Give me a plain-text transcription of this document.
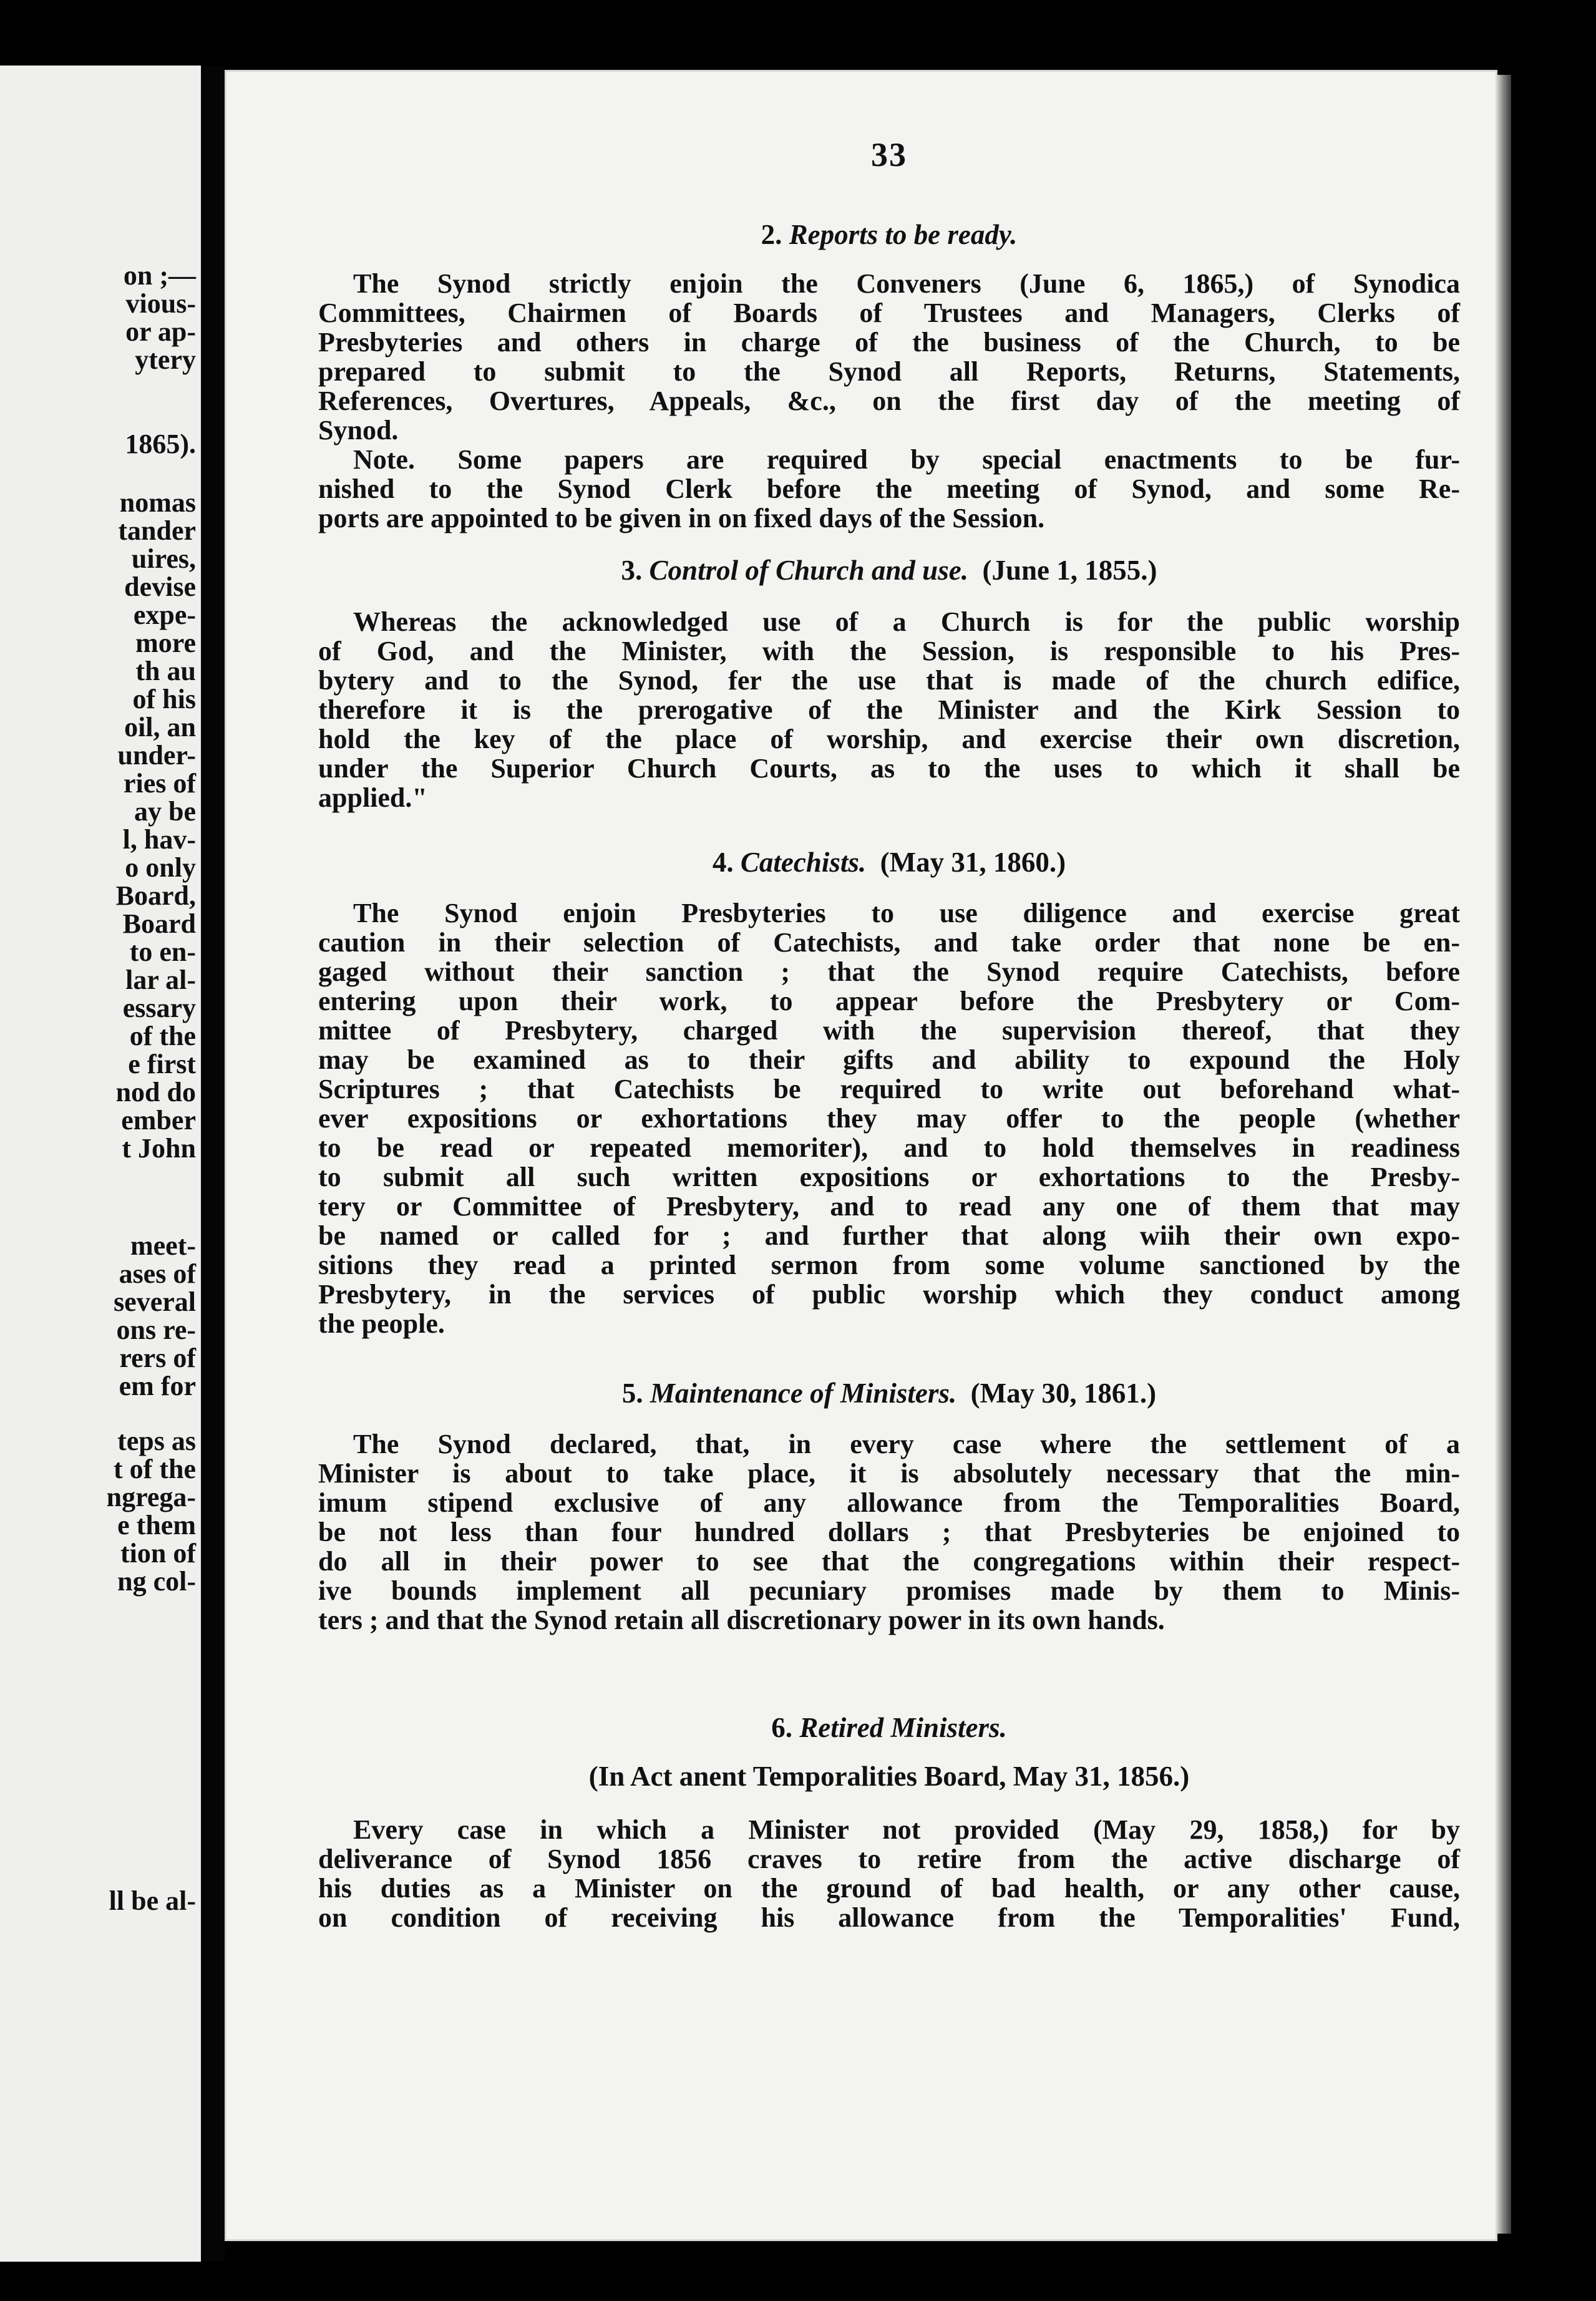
on ;—
vious-
or ap-
ytery
1865).
nomas
tander
uires,
devise
expe-
more
th au
of his
oil, an
under-
ries of
ay be
l, hav-
o only
Board,
Board
to en-
lar al-
essary
of the
e first
nod do
ember
t John
meet-
ases of
several
ons re-
rers of
em for
teps as
t of the
ngrega-
e them
tion of
ng col-
ll be al-
33
2. Reports to be ready.
The Synod strictly enjoin the Conveners (June 6, 1865,) of Synodica
Committees, Chairmen of Boards of Trustees and Managers, Clerks of
Presbyteries and others in charge of the business of the Church, to be
prepared to submit to the Synod all Reports, Returns, Statements,
References, Overtures, Appeals, &c., on the first day of the meeting of
Synod.
Note. Some papers are required by special enactments to be fur-
nished to the Synod Clerk before the meeting of Synod, and some Re-
ports are appointed to be given in on fixed days of the Session.
3. Control of Church and use. (June 1, 1855.)
Whereas the acknowledged use of a Church is for the public worship
of God, and the Minister, with the Session, is responsible to his Pres-
bytery and to the Synod, fer the use that is made of the church edifice,
therefore it is the prerogative of the Minister and the Kirk Session to
hold the key of the place of worship, and exercise their own discretion,
under the Superior Church Courts, as to the uses to which it shall be
applied."
4. Catechists. (May 31, 1860.)
The Synod enjoin Presbyteries to use diligence and exercise great
caution in their selection of Catechists, and take order that none be en-
gaged without their sanction ; that the Synod require Catechists, before
entering upon their work, to appear before the Presbytery or Com-
mittee of Presbytery, charged with the supervision thereof, that they
may be examined as to their gifts and ability to expound the Holy
Scriptures ; that Catechists be required to write out beforehand what-
ever expositions or exhortations they may offer to the people (whether
to be read or repeated memoriter), and to hold themselves in readiness
to submit all such written expositions or exhortations to the Presby-
tery or Committee of Presbytery, and to read any one of them that may
be named or called for ; and further that along wiih their own expo-
sitions they read a printed sermon from some volume sanctioned by the
Presbytery, in the services of public worship which they conduct among
the people.
5. Maintenance of Ministers. (May 30, 1861.)
The Synod declared, that, in every case where the settlement of a
Minister is about to take place, it is absolutely necessary that the min-
imum stipend exclusive of any allowance from the Temporalities Board,
be not less than four hundred dollars ; that Presbyteries be enjoined to
do all in their power to see that the congregations within their respect-
ive bounds implement all pecuniary promises made by them to Minis-
ters ; and that the Synod retain all discretionary power in its own hands.
6. Retired Ministers.
(In Act anent Temporalities Board, May 31, 1856.)
Every case in which a Minister not provided (May 29, 1858,) for by
deliverance of Synod 1856 craves to retire from the active discharge of
his duties as a Minister on the ground of bad health, or any other cause,
on condition of receiving his allowance from the Temporalities' Fund,
